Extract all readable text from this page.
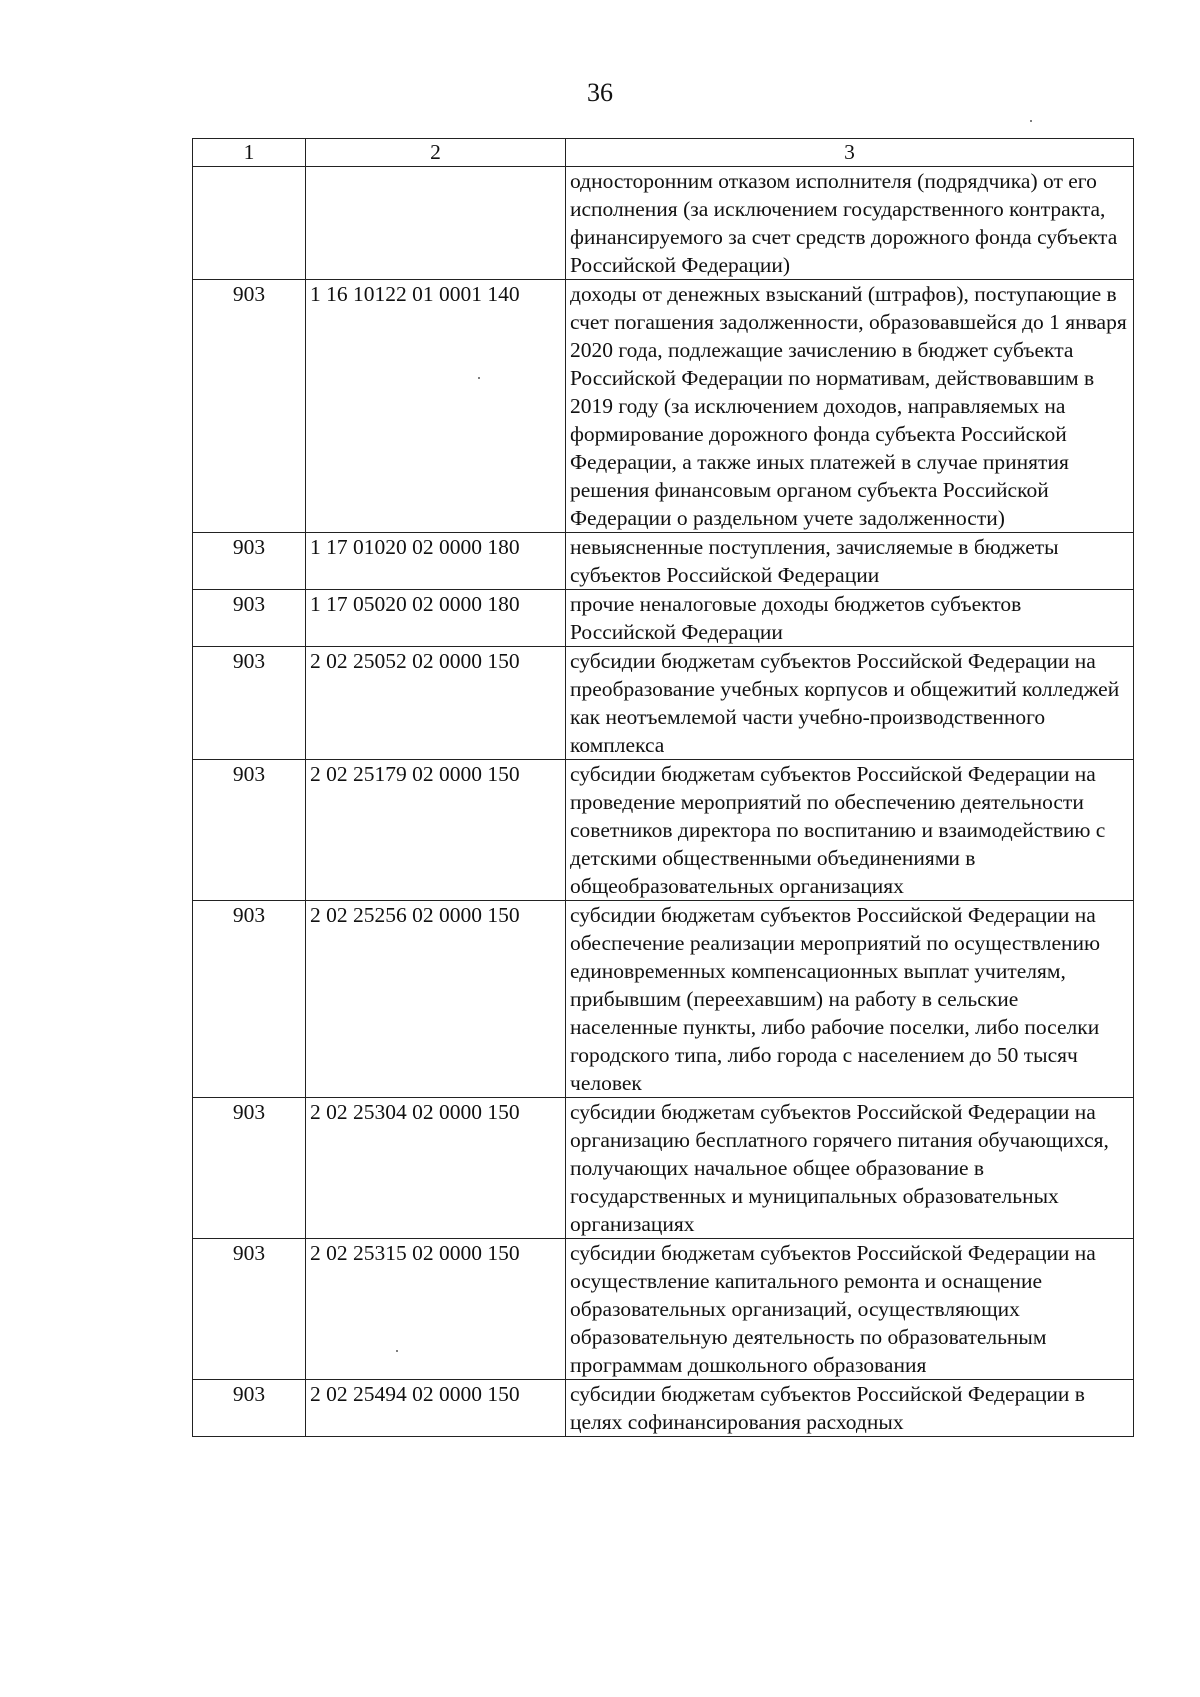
36
1	2	3
		односторонним отказом исполнителя (подрядчика) от его исполнения (за исключением государственного контракта, финансируемого за счет средств дорожного фонда субъекта Российской Федерации)
903	1 16 10122 01 0001 140	доходы от денежных взысканий (штрафов), поступающие в счет погашения задолженности, образовавшейся до 1 января 2020 года, подлежащие зачислению в бюджет субъекта Российской Федерации по нормативам, действовавшим в 2019 году (за исключением доходов, направляемых на формирование дорожного фонда субъекта Российской Федерации, а также иных платежей в случае принятия решения финансовым органом субъекта Российской Федерации о раздельном учете задолженности)
903	1 17 01020 02 0000 180	невыясненные поступления, зачисляемые в бюджеты субъектов Российской Федерации
903	1 17 05020 02 0000 180	прочие неналоговые доходы бюджетов субъектов Российской Федерации
903	2 02 25052 02 0000 150	субсидии бюджетам субъектов Российской Федерации на преобразование учебных корпусов и общежитий колледжей как неотъемлемой части учебно-производственного комплекса
903	2 02 25179 02 0000 150	субсидии бюджетам субъектов Российской Федерации на проведение мероприятий по обеспечению деятельности советников директора по воспитанию и взаимодействию с детскими общественными объединениями в общеобразовательных организациях
903	2 02 25256 02 0000 150	субсидии бюджетам субъектов Российской Федерации на обеспечение реализации мероприятий по осуществлению единовременных компенсационных выплат учителям, прибывшим (переехавшим) на работу в сельские населенные пункты, либо рабочие поселки, либо поселки городского типа, либо города с населением до 50 тысяч человек
903	2 02 25304 02 0000 150	субсидии бюджетам субъектов Российской Федерации на организацию бесплатного горячего питания обучающихся, получающих начальное общее образование в государственных и муниципальных образовательных организациях
903	2 02 25315 02 0000 150	субсидии бюджетам субъектов Российской Федерации на осуществление капитального ремонта и оснащение образовательных организаций, осуществляющих образовательную деятельность по образовательным программам дошкольного образования
903	2 02 25494 02 0000 150	субсидии бюджетам субъектов Российской Федерации в целях софинансирования расходных
